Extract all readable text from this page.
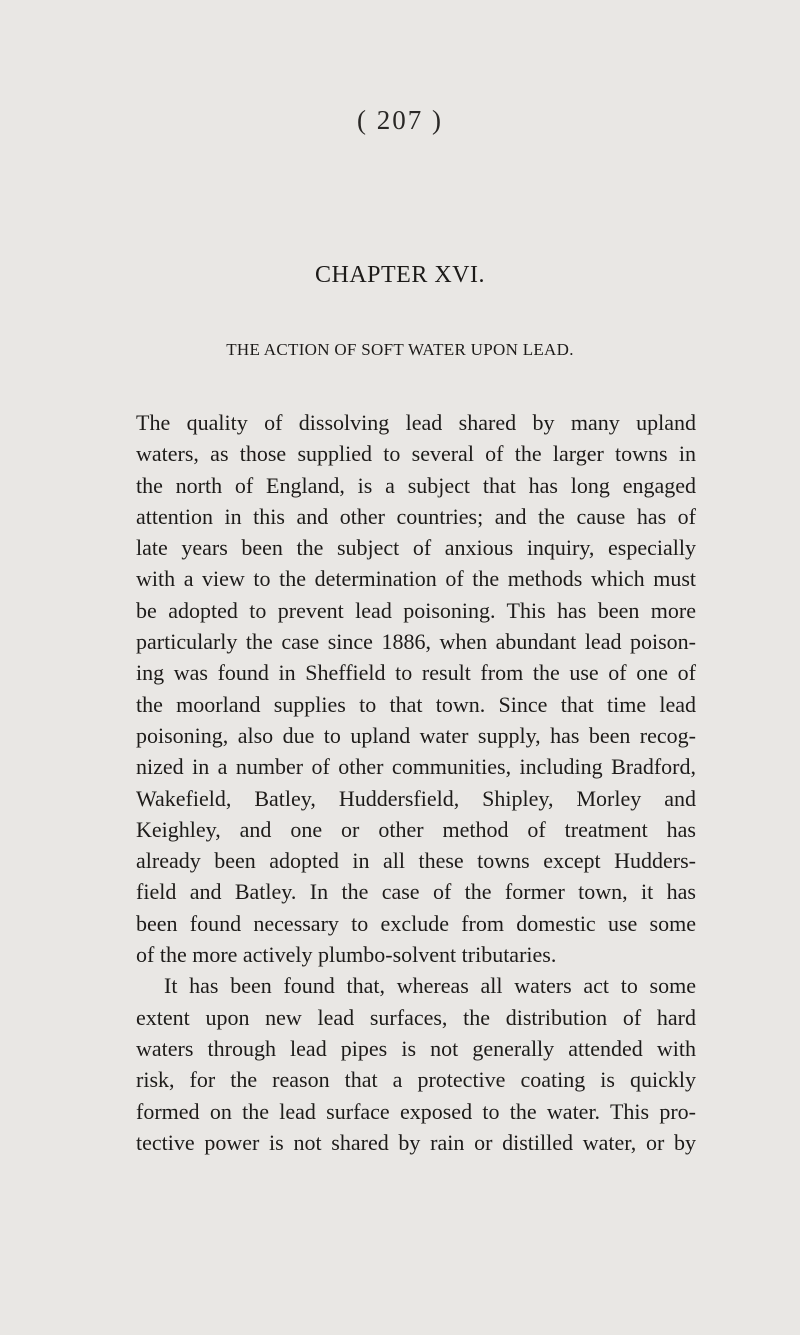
( 207 )
CHAPTER XVI.
THE ACTION OF SOFT WATER UPON LEAD.
The quality of dissolving lead shared by many upland
waters, as those supplied to several of the larger towns in
the north of England, is a subject that has long engaged
attention in this and other countries; and the cause has of
late years been the subject of anxious inquiry, especially
with a view to the determination of the methods which must
be adopted to prevent lead poisoning. This has been more
particularly the case since 1886, when abundant lead poison-
ing was found in Sheffield to result from the use of one of
the moorland supplies to that town. Since that time lead
poisoning, also due to upland water supply, has been recog-
nized in a number of other communities, including Bradford,
Wakefield, Batley, Huddersfield, Shipley, Morley and
Keighley, and one or other method of treatment has
already been adopted in all these towns except Hudders-
field and Batley. In the case of the former town, it has
been found necessary to exclude from domestic use some
of the more actively plumbo-solvent tributaries.
It has been found that, whereas all waters act to some
extent upon new lead surfaces, the distribution of hard
waters through lead pipes is not generally attended with
risk, for the reason that a protective coating is quickly
formed on the lead surface exposed to the water. This pro-
tective power is not shared by rain or distilled water, or by
